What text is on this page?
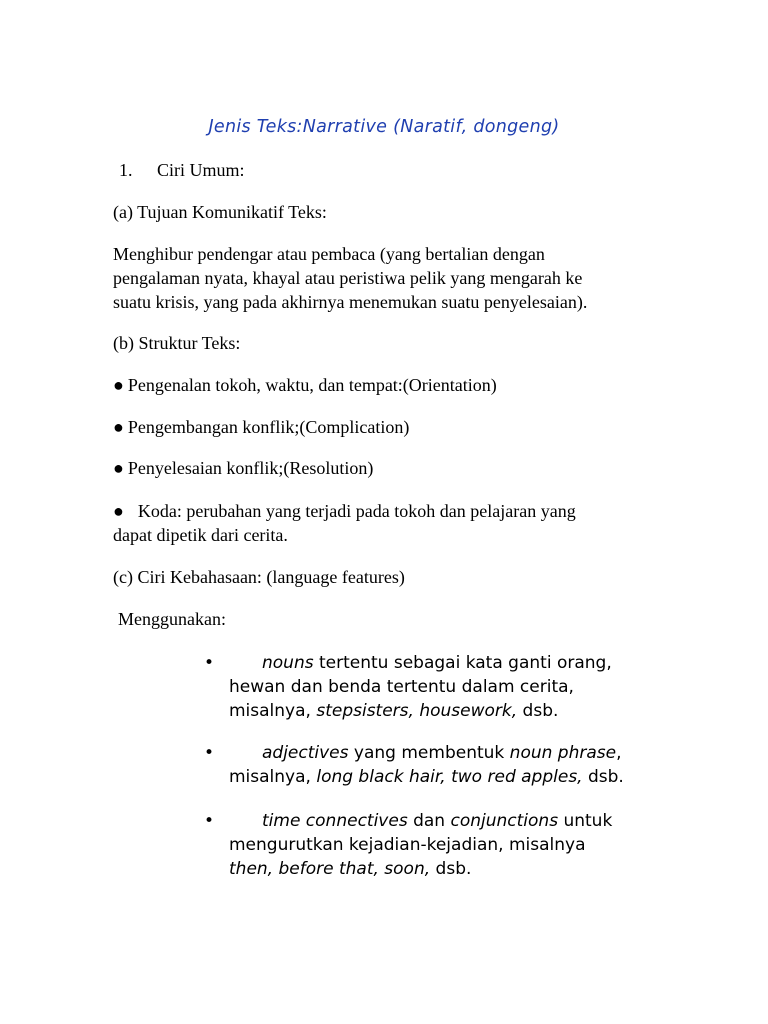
Jenis Teks:Narrative (Naratif, dongeng)
1. Ciri Umum:

(a) Tujuan Komunikatif Teks:

Menghibur pendengar atau pembaca (yang bertalian dengan
pengalaman nyata, khayal atau peristiwa pelik yang mengarah ke
suatu krisis, yang pada akhirnya menemukan suatu penyelesaian).

(b) Struktur Teks:

● Pengenalan tokoh, waktu, dan tempat:(Orientation)
● Pengembangan konflik;(Complication)
● Penyelesaian konflik;(Resolution)
● Koda: perubahan yang terjadi pada tokoh dan pelajaran yang
dapat dipetik dari cerita.

(c) Ciri Kebahasaan: (language features)

Menggunakan:

•	nouns tertentu sebagai kata ganti orang,
hewan dan benda tertentu dalam cerita,
misalnya, stepsisters, housework, dsb.
•	adjectives yang membentuk noun phrase,
misalnya, long black hair, two red apples, dsb.
•	time connectives dan conjunctions untuk
mengurutkan kejadian-kejadian, misalnya
then, before that, soon, dsb.
